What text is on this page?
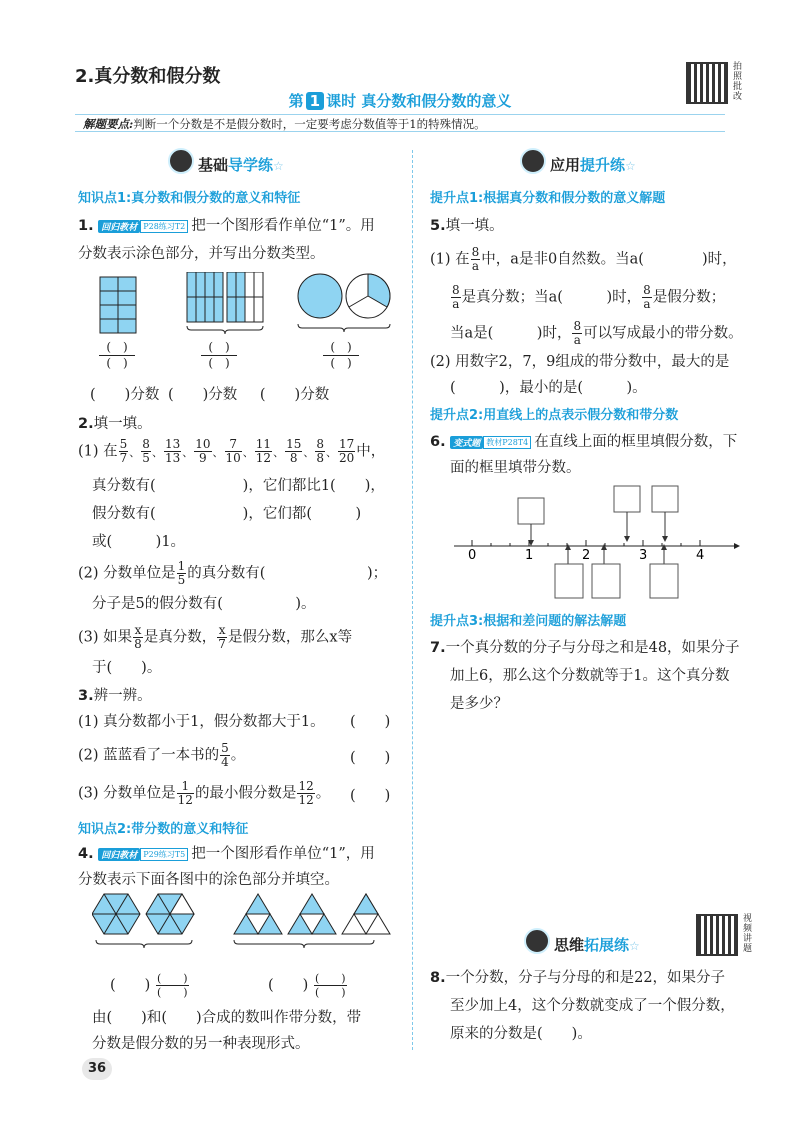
2.真分数和假分数
第 1 课时 真分数和假分数的意义
拍照批改
解题要点:判断一个分数是不是假分数时，一定要考虑分数值等于1的特殊情况。
基础导学练☆
知识点1:真分数和假分数的意义和特征
1. 回归教材 P28练习T2 把一个图形看作单位“1”。用
分数表示涂色部分，并写出分数类型。
(　)
(　)
(　)
(　)
(　)
(　)
(　　)分数 (　　)分数 (　　)分数
2.填一填。
(1) 在 $\frac{5}{7}$ 、 $\frac{8}{5}$ 、 $\frac{13}{13}$ 、 $\frac{10}{9}$ 、 $\frac{7}{10}$ 、 $\frac{11}{12}$ 、 $\frac{15}{8}$ 、 $\frac{8}{8}$ 、 $\frac{17}{20}$ 中，
真分数有(　　　　　　)，它们都比1(　　)，
假分数有(　　　　　　)，它们都(　　　)
或(　　　)1。
(2) 分数单位是 $\frac{1}{5}$ 的真分数有(　　　　　　　)；
分子是5的假分数有(　　　　　)。
(3) 如果 $\frac{x}{8}$ 是真分数， $\frac{x}{7}$ 是假分数，那么x等
于(　　)。
3.辨一辨。
(1) 真分数都小于1，假分数都大于1。 (　　)
(2) 蓝蓝看了一本书的 $\frac{5}{4}$ 。	(　　)
(3) 分数单位是 $\frac{1}{12}$ 的最小假分数是 $\frac{12}{12}$ 。 (　　)
知识点2:带分数的意义和特征
4. 回归教材 P29练习T5 把一个图形看作单位“1”，用
分数表示下面各图中的涂色部分并填空。
(　　) $\frac{( )}{( )}$	(　　) $\frac{( )}{( )}$
由(　　)和(　　)合成的数叫作带分数，带
分数是假分数的另一种表现形式。
应用提升练☆
提升点1:根据真分数和假分数的意义解题
5.填一填。
(1) 在 $\frac{8}{a}$ 中，a是非0自然数。当a(　　　　)时，
$\frac{8}{a}$ 是真分数；当a(　　　)时， $\frac{8}{a}$ 是假分数；
当a是(　　　)时， $\frac{8}{a}$ 可以写成最小的带分数。
(2) 用数字2，7，9组成的带分数中，最大的是
(　　　)，最小的是(　　　)。
提升点2:用直线上的点表示假分数和带分数
6. 变式题 教材P28T4 在直线上面的框里填假分数，下
面的框里填带分数。
0	1	2	3	4
提升点3:根据和差问题的解法解题
7.一个真分数的分子与分母之和是48，如果分子
加上6，那么这个分数就等于1。这个真分数
是多少？
思维拓展练☆
视频讲题
8.一个分数，分子与分母的和是22，如果分子
至少加上4，这个分数就变成了一个假分数，
原来的分数是(　　)。
36
